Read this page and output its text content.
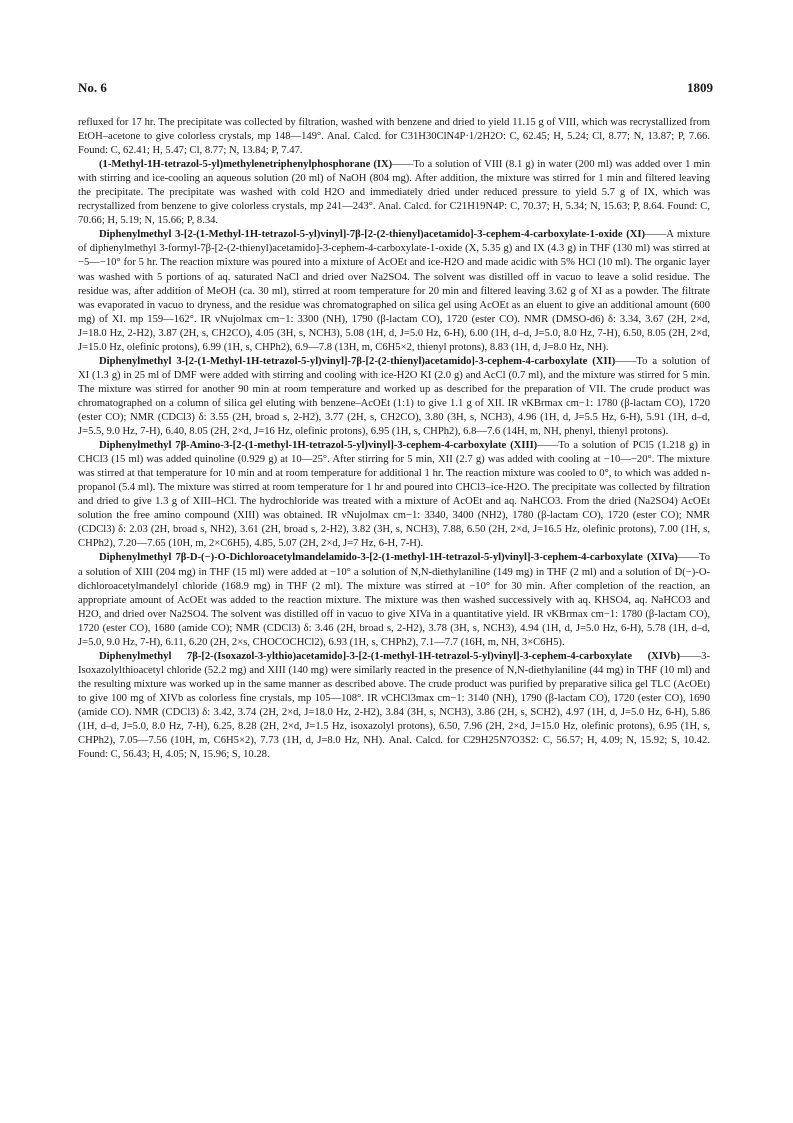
No. 6	1809

refluxed for 17 hr. The precipitate was collected by filtration, washed with benzene and dried to yield 11.15 g of VIII, which was recrystallized from EtOH–acetone to give colorless crystals, mp 148—149°. Anal. Calcd. for C31H30ClN4P·1/2H2O: C, 62.45; H, 5.24; Cl, 8.77; N, 13.87; P, 7.66. Found: C, 62.41; H, 5.47; Cl, 8.77; N, 13.84; P, 7.47.

(1-Methyl-1H-tetrazol-5-yl)methylenetriphenylphosphorane (IX)——To a solution of VIII (8.1 g) in water (200 ml) was added over 1 min with stirring and ice-cooling an aqueous solution (20 ml) of NaOH (804 mg). After addition, the mixture was stirred for 1 min and filtered leaving the precipitate. The precipitate was washed with cold H2O and immediately dried under reduced pressure to yield 5.7 g of IX, which was recrystallized from benzene to give colorless crystals, mp 241—243°. Anal. Calcd. for C21H19N4P: C, 70.37; H, 5.34; N, 15.63; P, 8.64. Found: C, 70.66; H, 5.19; N, 15.66; P, 8.34.

Diphenylmethyl 3-[2-(1-Methyl-1H-tetrazol-5-yl)vinyl]-7β-[2-(2-thienyl)acetamido]-3-cephem-4-carboxylate-1-oxide (XI)——A mixture of diphenylmethyl 3-formyl-7β-[2-(2-thienyl)acetamido]-3-cephem-4-carboxylate-1-oxide (X, 5.35 g) and IX (4.3 g) in THF (130 ml) was stirred at −5—−10° for 5 hr. The reaction mixture was poured into a mixture of AcOEt and ice-H2O and made acidic with 5% HCl (10 ml). The organic layer was washed with 5 portions of aq. saturated NaCl and dried over Na2SO4. The solvent was distilled off in vacuo to leave a solid residue. The residue was, after addition of MeOH (ca. 30 ml), stirred at room temperature for 20 min and filtered leaving 3.62 g of XI as a powder. The filtrate was evaporated in vacuo to dryness, and the residue was chromatographed on silica gel using AcOEt as an eluent to give an additional amount (600 mg) of XI. mp 159—162°. IR νNujolmax cm−1: 3300 (NH), 1790 (β-lactam CO), 1720 (ester CO). NMR (DMSO-d6) δ: 3.34, 3.67 (2H, 2×d, J=18.0 Hz, 2-H2), 3.87 (2H, s, CH2CO), 4.05 (3H, s, NCH3), 5.08 (1H, d, J=5.0 Hz, 6-H), 6.00 (1H, d–d, J=5.0, 8.0 Hz, 7-H), 6.50, 8.05 (2H, 2×d, J=15.0 Hz, olefinic protons), 6.99 (1H, s, CHPh2), 6.9—7.8 (13H, m, C6H5×2, thienyl protons), 8.83 (1H, d, J=8.0 Hz, NH).

Diphenylmethyl 3-[2-(1-Methyl-1H-tetrazol-5-yl)vinyl]-7β-[2-(2-thienyl)acetamido]-3-cephem-4-carboxylate (XII)——To a solution of XI (1.3 g) in 25 ml of DMF were added with stirring and cooling with ice-H2O KI (2.0 g) and AcCl (0.7 ml), and the mixture was stirred for 5 min. The mixture was stirred for another 90 min at room temperature and worked up as described for the preparation of VII. The crude product was chromatographed on a column of silica gel eluting with benzene–AcOEt (1:1) to give 1.1 g of XII. IR νKBrmax cm−1: 1780 (β-lactam CO), 1720 (ester CO); NMR (CDCl3) δ: 3.55 (2H, broad s, 2-H2), 3.77 (2H, s, CH2CO), 3.80 (3H, s, NCH3), 4.96 (1H, d, J=5.5 Hz, 6-H), 5.91 (1H, d–d, J=5.5, 9.0 Hz, 7-H), 6.40, 8.05 (2H, 2×d, J=16 Hz, olefinic protons), 6.95 (1H, s, CHPh2), 6.8—7.6 (14H, m, NH, phenyl, thienyl protons).

Diphenylmethyl 7β-Amino-3-[2-(1-methyl-1H-tetrazol-5-yl)vinyl]-3-cephem-4-carboxylate (XIII)——To a solution of PCl5 (1.218 g) in CHCl3 (15 ml) was added quinoline (0.929 g) at 10—25°. After stirring for 5 min, XII (2.7 g) was added with cooling at −10—−20°. The mixture was stirred at that temperature for 10 min and at room temperature for additional 1 hr. The reaction mixture was cooled to 0°, to which was added n-propanol (5.4 ml). The mixture was stirred at room temperature for 1 hr and poured into CHCl3–ice-H2O. The precipitate was collected by filtration and dried to give 1.3 g of XIII–HCl. The hydrochloride was treated with a mixture of AcOEt and aq. NaHCO3. From the dried (Na2SO4) AcOEt solution the free amino compound (XIII) was obtained. IR νNujolmax cm−1: 3340, 3400 (NH2), 1780 (β-lactam CO), 1720 (ester CO); NMR (CDCl3) δ: 2.03 (2H, broad s, NH2), 3.61 (2H, broad s, 2-H2), 3.82 (3H, s, NCH3), 7.88, 6.50 (2H, 2×d, J=16.5 Hz, olefinic protons), 7.00 (1H, s, CHPh2), 7.20—7.65 (10H, m, 2×C6H5), 4.85, 5.07 (2H, 2×d, J=7 Hz, 6-H, 7-H).

Diphenylmethyl 7β-D-(−)-O-Dichloroacetylmandelamido-3-[2-(1-methyl-1H-tetrazol-5-yl)vinyl]-3-cephem-4-carboxylate (XIVa)——To a solution of XIII (204 mg) in THF (15 ml) were added at −10° a solution of N,N-diethylaniline (149 mg) in THF (2 ml) and a solution of D(−)-O-dichloroacetylmandelyl chloride (168.9 mg) in THF (2 ml). The mixture was stirred at −10° for 30 min. After completion of the reaction, an appropriate amount of AcOEt was added to the reaction mixture. The mixture was then washed successively with aq. KHSO4, aq. NaHCO3 and H2O, and dried over Na2SO4. The solvent was distilled off in vacuo to give XIVa in a quantitative yield. IR νKBrmax cm−1: 1780 (β-lactam CO), 1720 (ester CO), 1680 (amide CO); NMR (CDCl3) δ: 3.46 (2H, broad s, 2-H2), 3.78 (3H, s, NCH3), 4.94 (1H, d, J=5.0 Hz, 6-H), 5.78 (1H, d–d, J=5.0, 9.0 Hz, 7-H), 6.11, 6.20 (2H, 2×s, CHOCOCHCl2), 6.93 (1H, s, CHPh2), 7.1—7.7 (16H, m, NH, 3×C6H5).

Diphenylmethyl 7β-[2-(Isoxazol-3-ylthio)acetamido]-3-[2-(1-methyl-1H-tetrazol-5-yl)vinyl]-3-cephem-4-carboxylate (XIVb)——3-Isoxazolylthioacetyl chloride (52.2 mg) and XIII (140 mg) were similarly reacted in the presence of N,N-diethylaniline (44 mg) in THF (10 ml) and the resulting mixture was worked up in the same manner as described above. The crude product was purified by preparative silica gel TLC (AcOEt) to give 100 mg of XIVb as colorless fine crystals, mp 105—108°. IR νCHCl3max cm−1: 3140 (NH), 1790 (β-lactam CO), 1720 (ester CO), 1690 (amide CO). NMR (CDCl3) δ: 3.42, 3.74 (2H, 2×d, J=18.0 Hz, 2-H2), 3.84 (3H, s, NCH3), 3.86 (2H, s, SCH2), 4.97 (1H, d, J=5.0 Hz, 6-H), 5.86 (1H, d–d, J=5.0, 8.0 Hz, 7-H), 6.25, 8.28 (2H, 2×d, J=1.5 Hz, isoxazolyl protons), 6.50, 7.96 (2H, 2×d, J=15.0 Hz, olefinic protons), 6.95 (1H, s, CHPh2), 7.05—7.56 (10H, m, C6H5×2), 7.73 (1H, d, J=8.0 Hz, NH). Anal. Calcd. for C29H25N7O3S2: C, 56.57; H, 4.09; N, 15.92; S, 10.42. Found: C, 56.43; H, 4.05; N, 15.96; S, 10.28.
